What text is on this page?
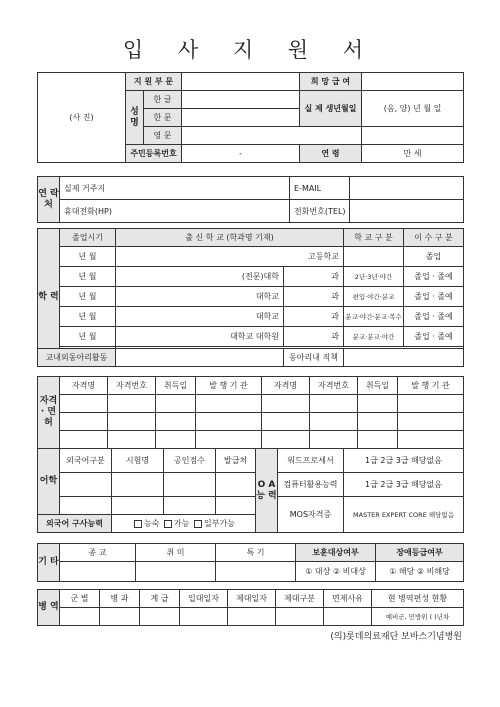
입 사 지 원 서
(사 진)	지 원 부 문			희 망 급 여	
	성 명	한 글		실 제 생년월일	(음, 양) 년 월 일
		한 문			
		영 문			
	주민등록번호		-	연 령	만 세
연 락 처	실제 거주지	E-MAIL	
	휴대전화(HP)	전화번호(TEL)	
학 력	졸업시기	출 신 학 교 (학과명 기재)		학 교 구 분	이 수 구 분
	년 월	고등학교			졸업
	년 월	(전문)대학	과	2년·3년·야간	졸업 · 졸예
	년 월	대학교	과	편입·야간·분교	졸업 · 졸예
	년 월	대학교	과	분교·야간·분교·복수	졸업 · 졸예
	년 월	대학교 대학원	과	분교·분교·야간	졸업 · 졸예

교내외동아리활동		동아리내 직책	
자격 · 면허	자격명	자격번호	취득일	발 행 기 관	자격명	자격번호	취득일	발 행 기 관

어학	외국어구분	시험명	공인점수	발급처	O A 능 력	워드프로세서	1급 2급 3급 해당없음
						컴퓨터활용능력	1급 2급 3급 해당없음
						MOS자격증	MASTER EXPERT CORE 해당없음
외국어 구사능력		능숙 가능 일부가능					
기 타	종 교	취 미	특 기	보훈대상여부	장애등급여부
				① 대상 ② 비대상	① 해당 ② 비해당
병 역	군 별	병 과	계 급	입대일자	제대일자	제대구분	면제사유	현 병역편성 현황
								예비군, 민방위 ( )년차
(의)롯데의료재단 보바스기념병원
